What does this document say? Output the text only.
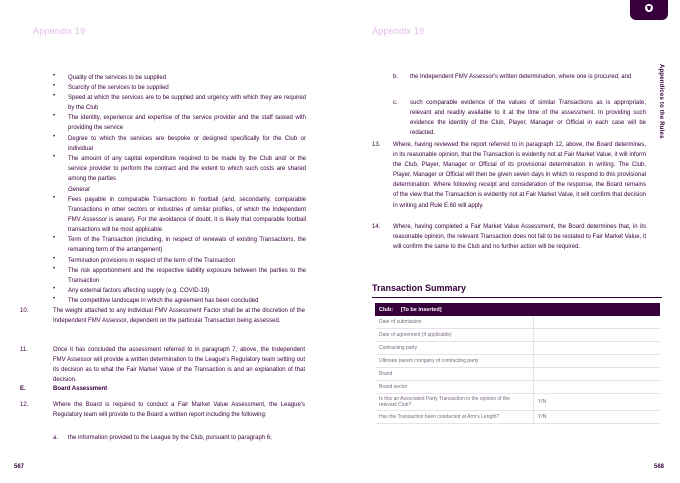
Appendix 19	Appendix 19
Appendices to the Rules
• Quality of the services to be supplied
• Scarcity of the services to be supplied
• Speed at which the services are to be supplied and urgency with which they are required by the Club
• The identity, experience and expertise of the service provider and the staff tasked with providing the service
• Degree to which the services are bespoke or designed specifically for the Club or individual
• The amount of any capital expenditure required to be made by the Club and/ or the service provider to perform the contract and the extent to which such costs are shared among the parties
General
• Fees payable in comparable Transactions in football (and, secondarily, comparable Transactions in other sectors or industries of similar profiles, of which the Independent FMV Assessor is aware). For the avoidance of doubt, it is likely that comparable football transactions will be most applicable
• Term of the Transaction (including, in respect of renewals of existing Transactions, the remaining term of the arrangement)
• Termination provisions in respect of the term of the Transaction
• The risk apportionment and the respective liability exposure between the parties to the Transaction
• Any external factors affecting supply (e.g. COVID-19)
• The competitive landscape in which the agreement has been concluded
10.	The weight attached to any individual FMV Assessment Factor shall be at the discretion of the Independent FMV Assessor, dependent on the particular Transaction being assessed.
11.	Once it has concluded the assessment referred to in paragraph 7, above, the Independent FMV Assessor will provide a written determination to the League's Regulatory team setting out its decision as to what the Fair Market Value of the Transaction is and an explanation of that decision.
E.	Board Assessment
12.	Where the Board is required to conduct a Fair Market Value Assessment, the League's Regulatory team will provide to the Board a written report including the following:
a. the information provided to the League by the Club, pursuant to paragraph 6;
567
b. the Independent FMV Assessor's written determination, where one is procured; and
c. such comparable evidence of the values of similar Transactions as is appropriate, relevant and readily available to it at the time of the assessment. In providing such evidence the identity of the Club, Player, Manager or Official in each case will be redacted.
13. Where, having reviewed the report referred to in paragraph 12, above, the Board determines, in its reasonable opinion, that the Transaction is evidently not at Fair Market Value, it will inform the Club, Player, Manager or Official of its provisional determination in writing. The Club, Player, Manager or Official will then be given seven days in which to respond to this provisional determination. Where following receipt and consideration of the response, the Board remains of the view that the Transaction is evidently not at Fair Market Value, it will confirm that decision in writing and Rule E.60 will apply.
14. Where, having completed a Fair Market Value Assessment, the Board determines that, in its reasonable opinion, the relevant Transaction does not fall to be restated to Fair Market Value, it will confirm the same to the Club and no further action will be required.
Transaction Summary
Club: [To be inserted]	
Date of submission	
Date of agreement (if applicable)	
Contracting party	
Ultimate parent company of contracting party	
Brand	
Brand sector	
Is this an Associated Party Transaction in the opinion of the relevant Club?	Y/N
Has the Transaction been conducted at Arm's Length?	Y/N
568
